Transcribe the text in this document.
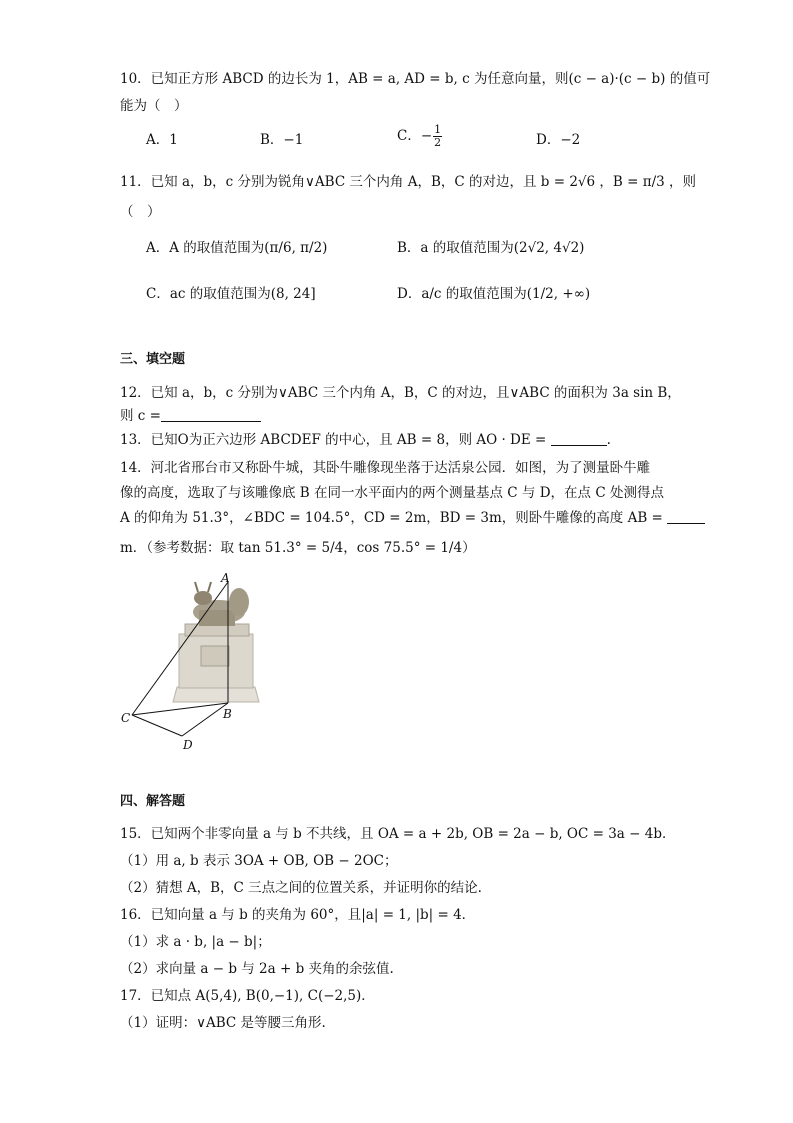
10．已知正方形 ABCD 的边长为 1，AB = a, AD = b, c 为任意向量，则(c − a)·(c − b) 的值可
能为（　）
A．1	B．−1	C．− $\frac{1}{2}$	D．−2
11．已知 a，b，c 分别为锐角∨ABC 三个内角 A，B，C 的对边，且 b = 2√6 ，B = π/3 ，则
（　）
A．A 的取值范围为(π/6, π/2)	B．a 的取值范围为(2√2, 4√2)
C．ac 的取值范围为(8, 24]	D．a/c 的取值范围为(1/2, +∞)
三、填空题
12．已知 a，b，c 分别为∨ABC 三个内角 A，B，C 的对边，且∨ABC 的面积为 3a sin B，
则 c =
13．已知O为正六边形 ABCDEF 的中心，且 AB = 8，则 AO · DE =	.
14．河北省邢台市又称卧牛城，其卧牛雕像现坐落于达活泉公园．如图，为了测量卧牛雕
像的高度，选取了与该雕像底 B 在同一水平面内的两个测量基点 C 与 D，在点 C 处测得点
A 的仰角为 51.3°，∠BDC = 104.5°，CD = 2m，BD = 3m，则卧牛雕像的高度 AB =
m．（参考数据：取 tan 51.3° = 5/4，cos 75.5° = 1/4）
A
B
C
D
四、解答题
15．已知两个非零向量 a 与 b 不共线，且 OA = a + 2b, OB = 2a − b, OC = 3a − 4b．
（1）用 a, b 表示 3OA + OB, OB − 2OC；
（2）猜想 A，B，C 三点之间的位置关系，并证明你的结论.
16．已知向量 a 与 b 的夹角为 60°，且|a| = 1, |b| = 4．
（1）求 a · b, |a − b|；
（2）求向量 a − b 与 2a + b 夹角的余弦值.
17．已知点 A(5,4), B(0,−1), C(−2,5)．
（1）证明：∨ABC 是等腰三角形.
